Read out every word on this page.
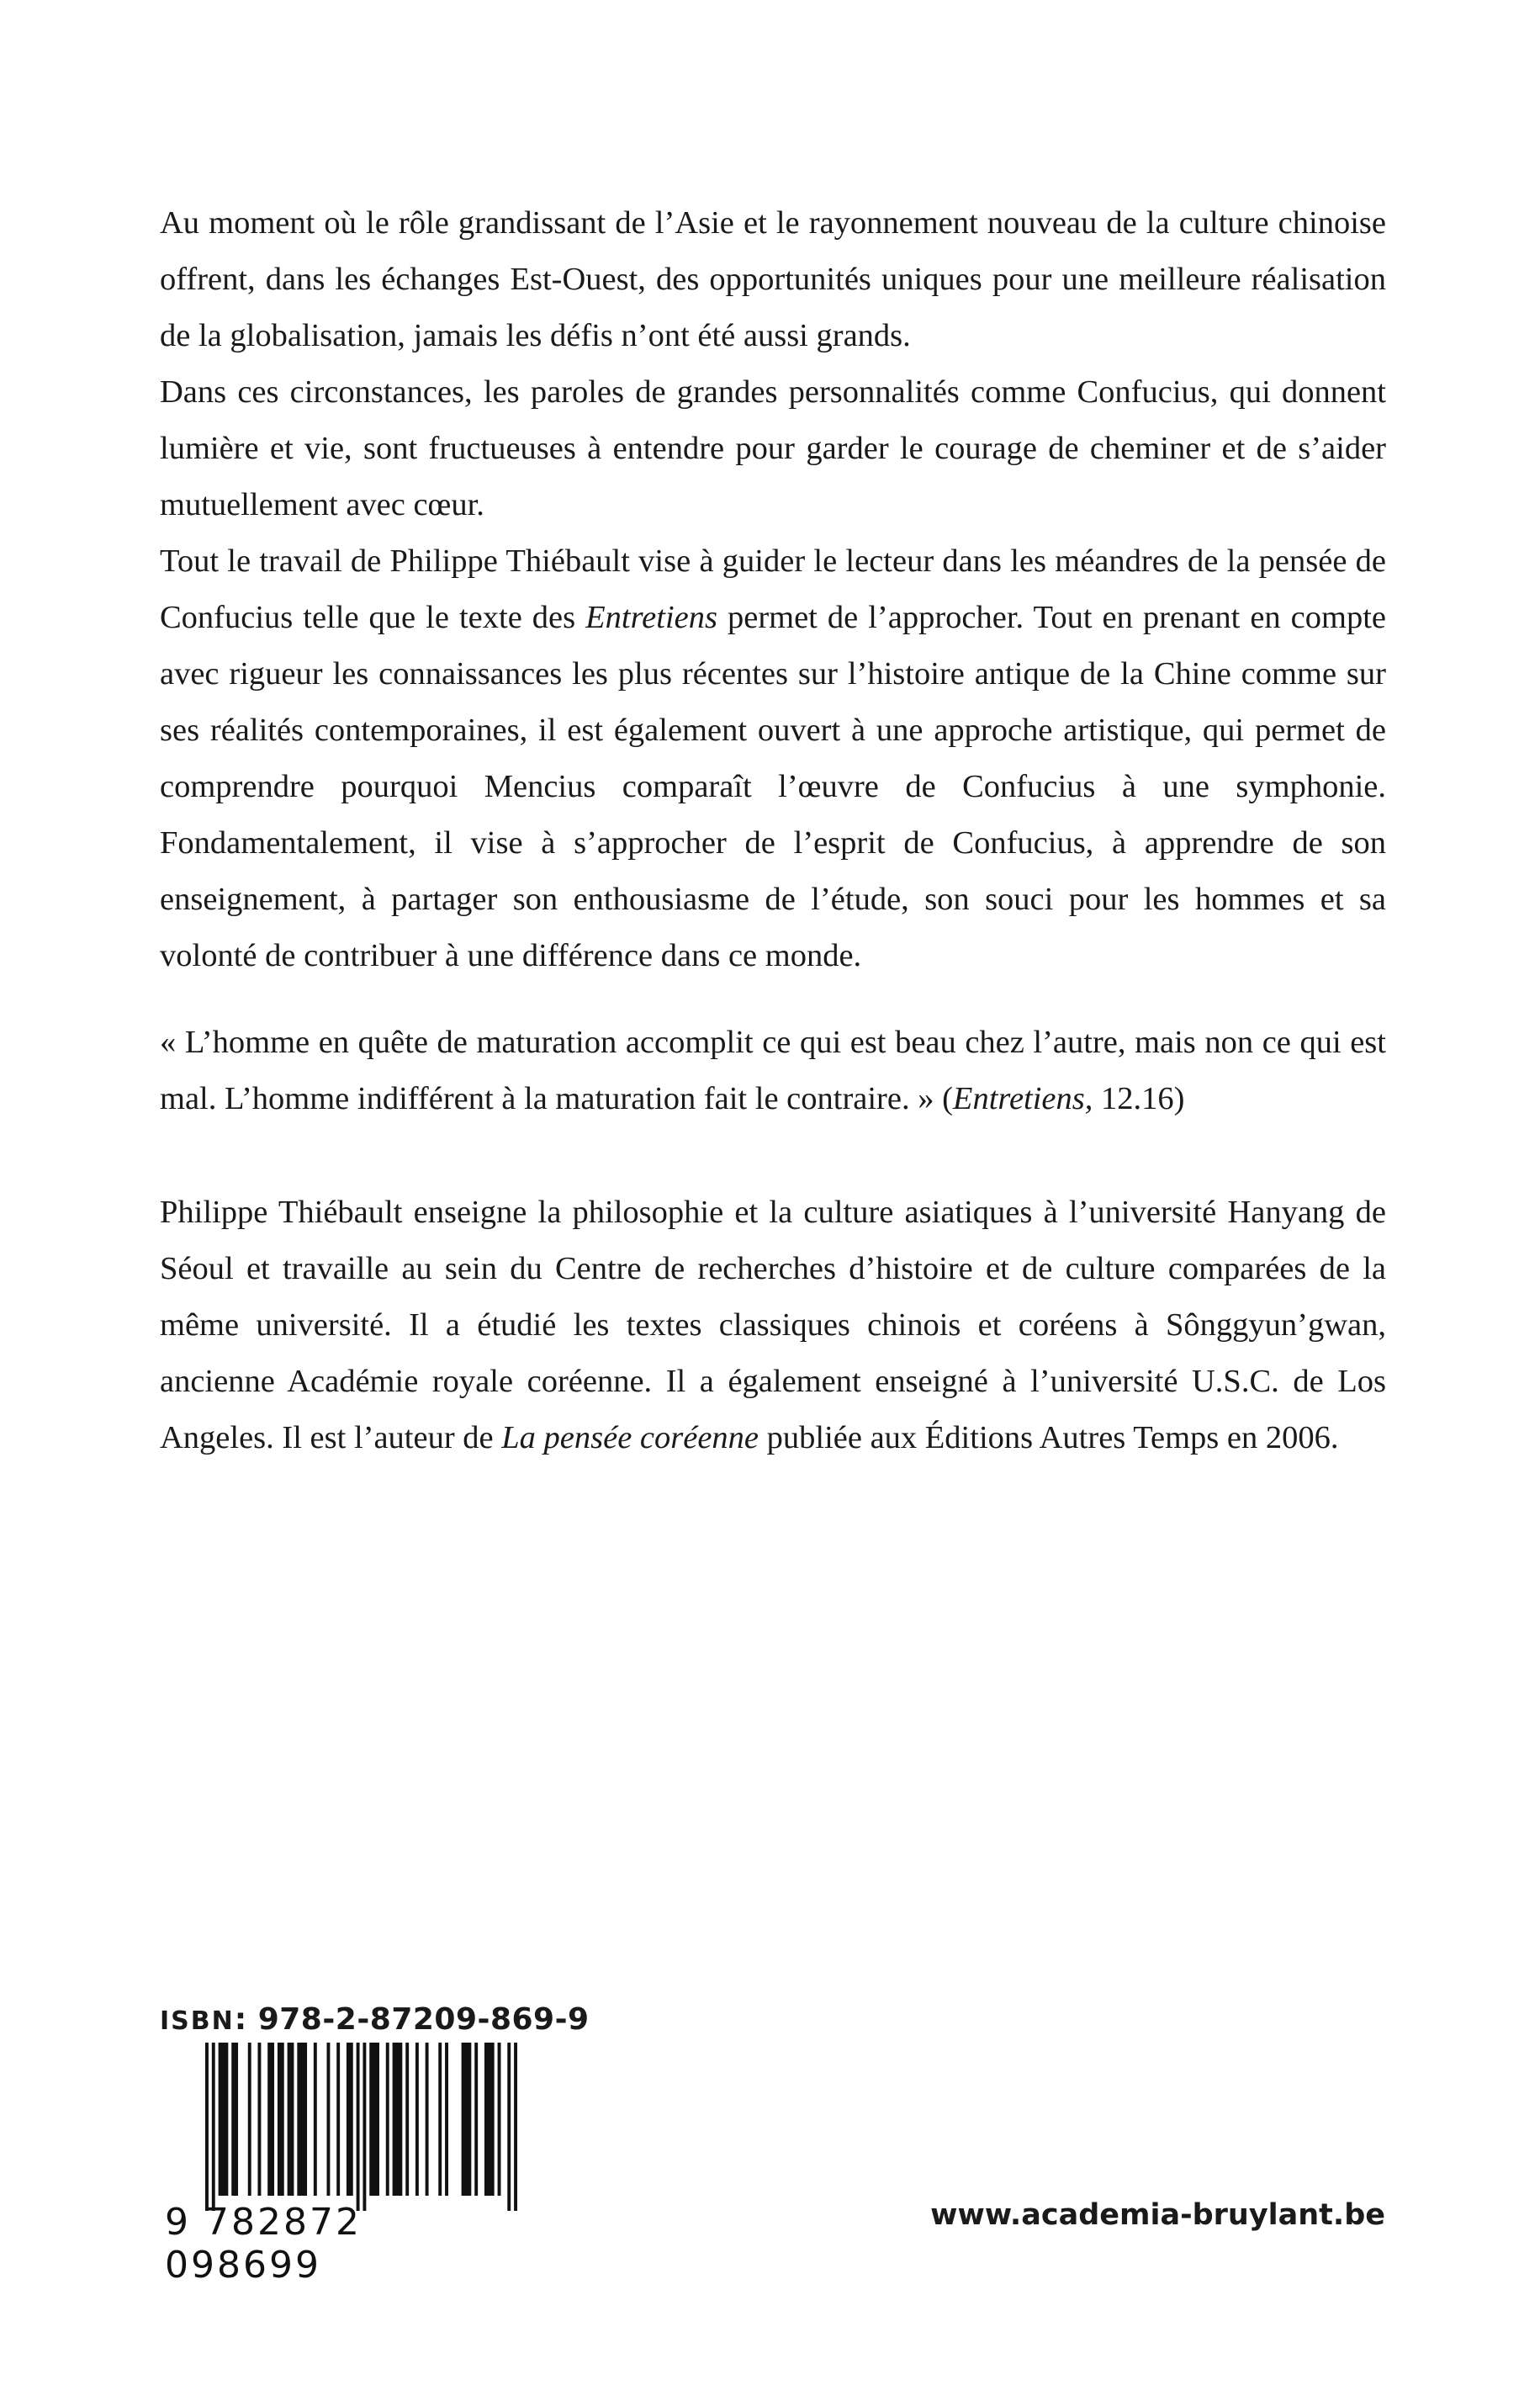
Au moment où le rôle grandissant de l’Asie et le rayonnement nouveau de la culture chinoise offrent, dans les échanges Est-Ouest, des opportunités uniques pour une meilleure réalisation de la globalisation, jamais les défis n’ont été aussi grands.

Dans ces circonstances, les paroles de grandes personnalités comme Confucius, qui donnent lumière et vie, sont fructueuses à entendre pour garder le courage de cheminer et de s’aider mutuellement avec cœur.

Tout le travail de Philippe Thiébault vise à guider le lecteur dans les méandres de la pensée de Confucius telle que le texte des Entretiens permet de l’approcher. Tout en prenant en compte avec rigueur les connaissances les plus récentes sur l’histoire antique de la Chine comme sur ses réalités contemporaines, il est également ouvert à une approche artistique, qui permet de comprendre pourquoi Mencius comparaît l’œuvre de Confucius à une symphonie. Fondamentalement, il vise à s’approcher de l’esprit de Confucius, à apprendre de son enseignement, à partager son enthousiasme de l’étude, son souci pour les hommes et sa volonté de contribuer à une différence dans ce monde.

« L’homme en quête de maturation accomplit ce qui est beau chez l’autre, mais non ce qui est mal. L’homme indifférent à la maturation fait le contraire. » (Entretiens, 12.16)

Philippe Thiébault enseigne la philosophie et la culture asiatiques à l’université Hanyang de Séoul et travaille au sein du Centre de recherches d’histoire et de culture comparées de la même université. Il a étudié les textes classiques chinois et coréens à Sônggyun’gwan, ancienne Académie royale coréenne. Il a également enseigné à l’université U.S.C. de Los Angeles. Il est l’auteur de La pensée coréenne publiée aux Éditions Autres Temps en 2006.

ISBN: 978-2-87209-869-9
9 782872 098699
www.academia-bruylant.be
